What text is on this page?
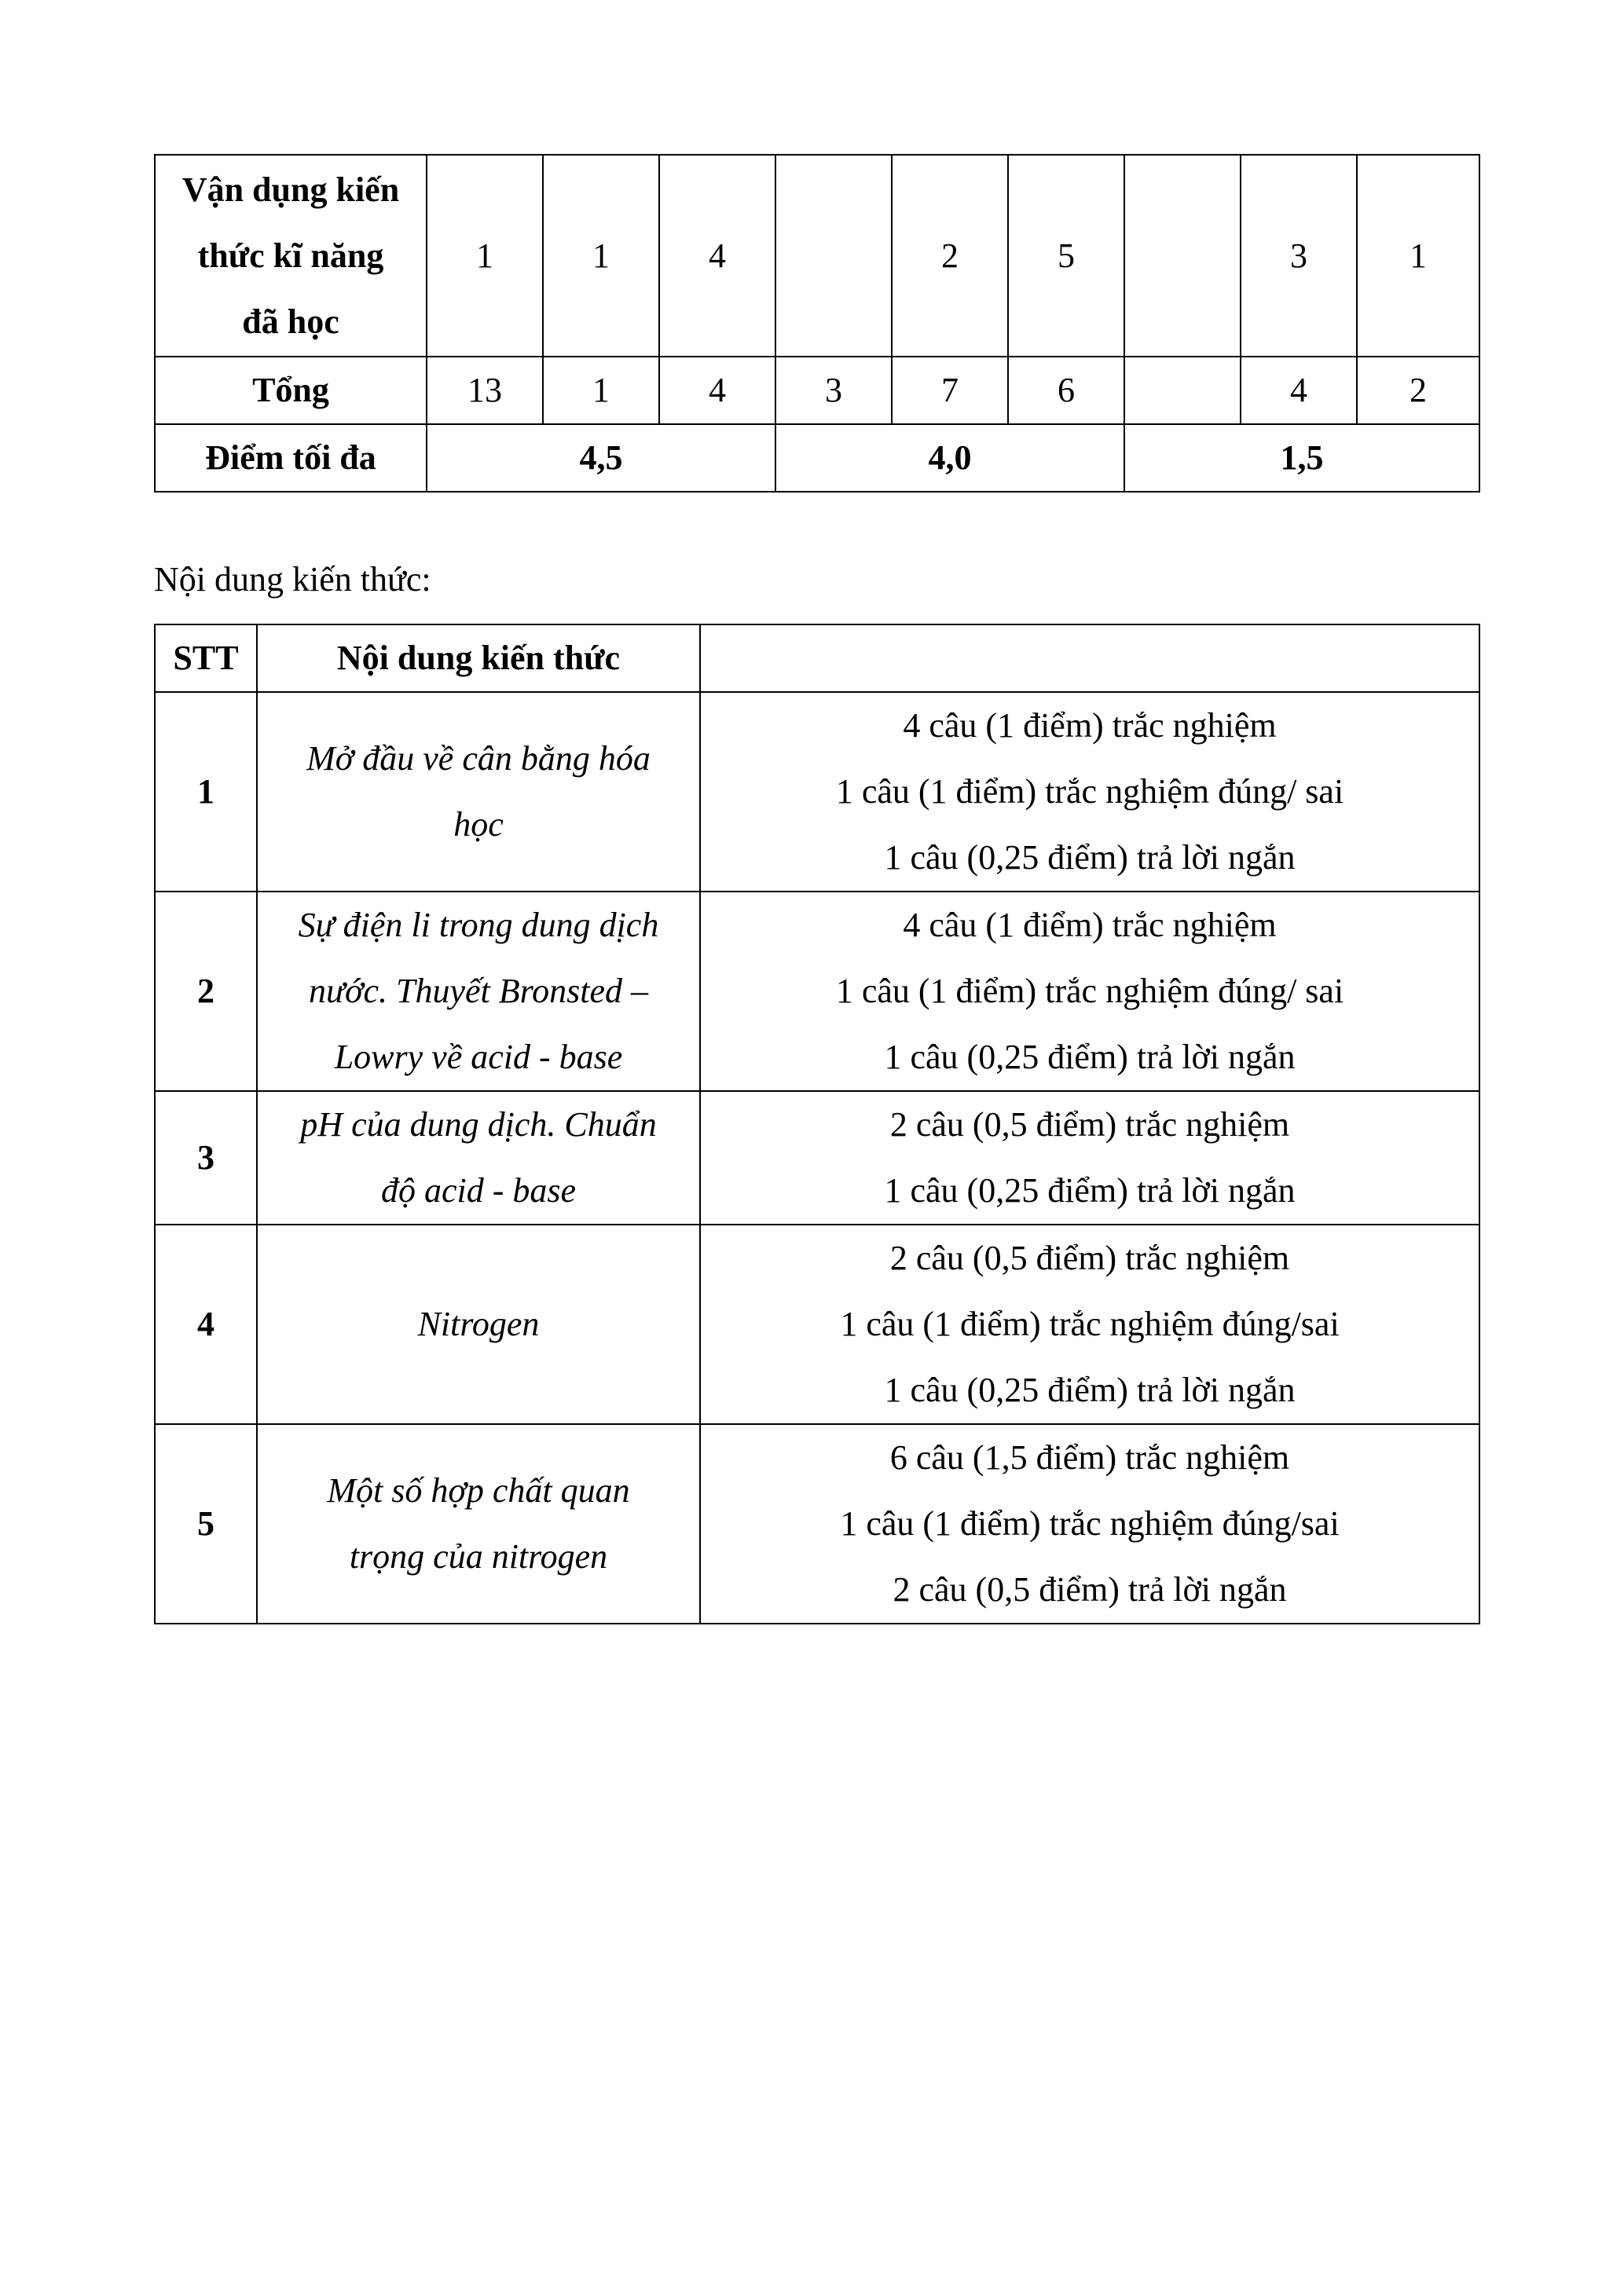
Vận dụng kiến
thức kĩ năng
đã học	1	1	4		2	5		3	1
Tổng	13	1	4	3	7	6		4	2
Điểm tối đa	4,5			4,0			1,5		
Nội dung kiến thức:
STT	Nội dung kiến thức	
1	Mở đầu về cân bằng hóa
học	4 câu (1 điểm) trắc nghiệm
1 câu (1 điểm) trắc nghiệm đúng/ sai
1 câu (0,25 điểm) trả lời ngắn

2	Sự điện li trong dung dịch
nước. Thuyết Bronsted –
Lowry về acid - base	4 câu (1 điểm) trắc nghiệm
1 câu (1 điểm) trắc nghiệm đúng/ sai
1 câu (0,25 điểm) trả lời ngắn

3	pH của dung dịch. Chuẩn
độ acid - base	2 câu (0,5 điểm) trắc nghiệm
1 câu (0,25 điểm) trả lời ngắn

4	Nitrogen	2 câu (0,5 điểm) trắc nghiệm
1 câu (1 điểm) trắc nghiệm đúng/sai
1 câu (0,25 điểm) trả lời ngắn

5	Một số hợp chất quan
trọng của nitrogen	6 câu (1,5 điểm) trắc nghiệm
1 câu (1 điểm) trắc nghiệm đúng/sai
2 câu (0,5 điểm) trả lời ngắn
